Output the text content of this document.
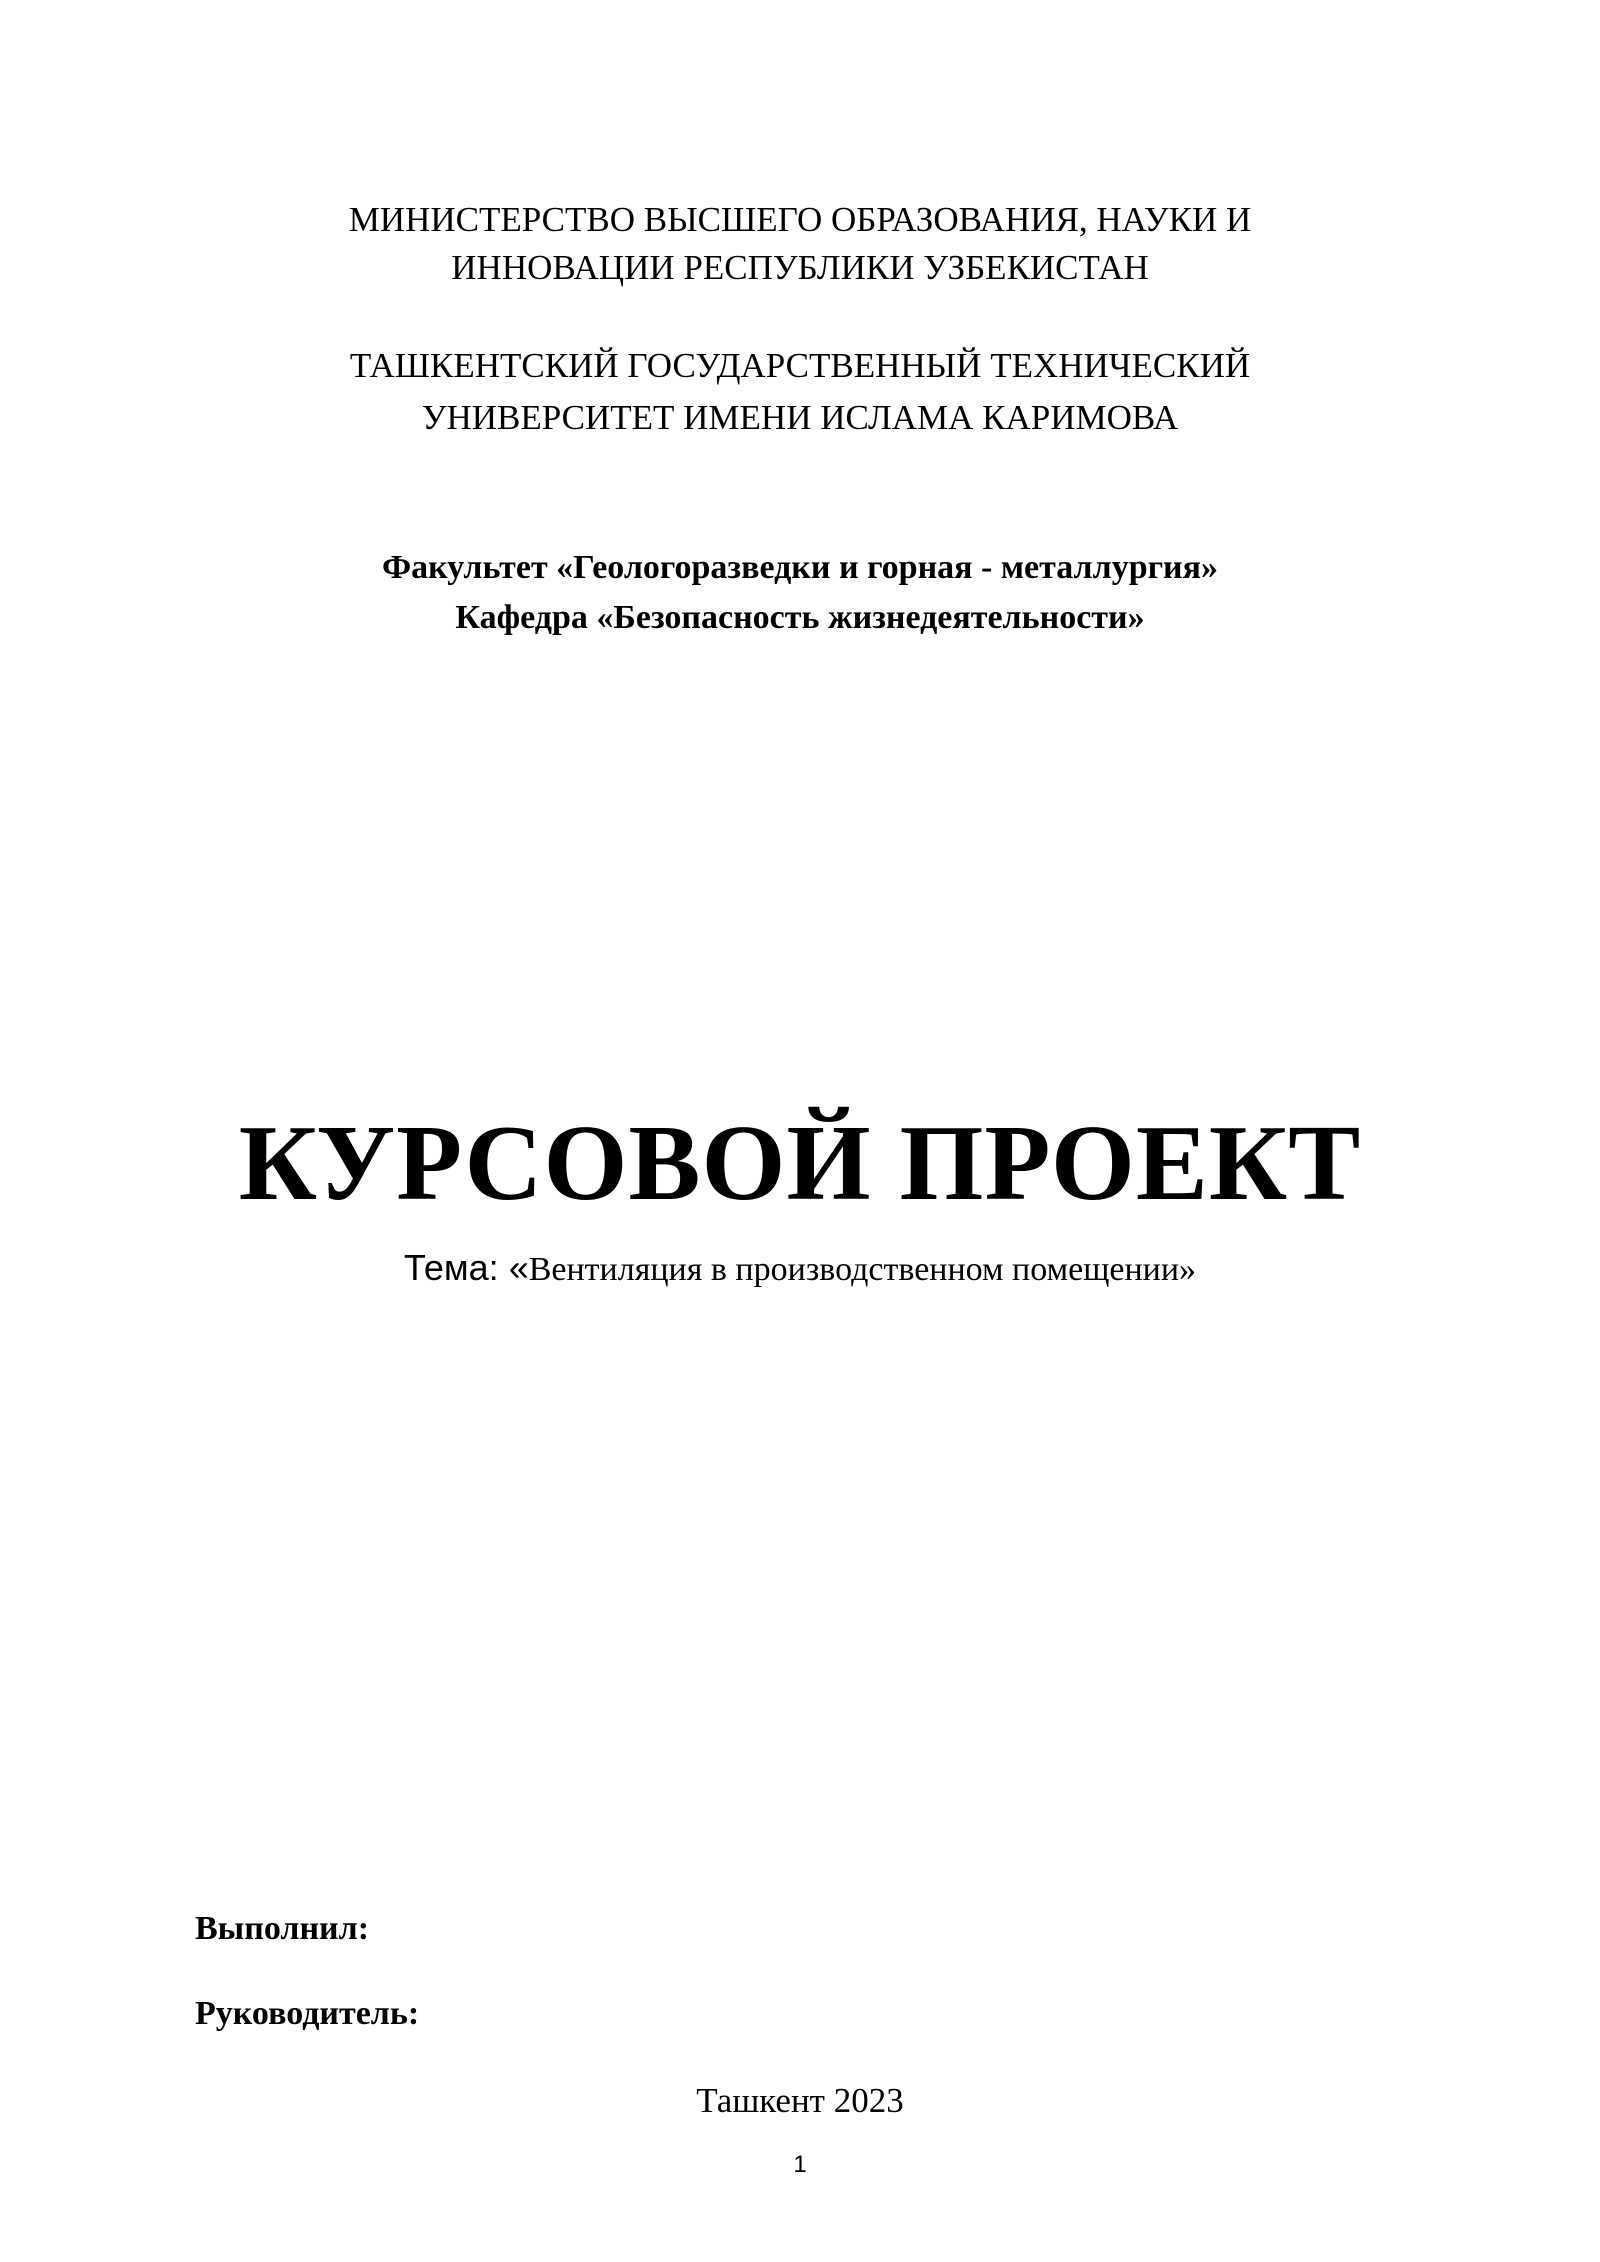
МИНИСТЕРСТВО ВЫСШЕГО ОБРАЗОВАНИЯ, НАУКИ И
ИННОВАЦИИ РЕСПУБЛИКИ УЗБЕКИСТАН
ТАШКЕНТСКИЙ ГОСУДАРСТВЕННЫЙ ТЕХНИЧЕСКИЙ
УНИВЕРСИТЕТ ИМЕНИ ИСЛАМА КАРИМОВА
Факультет «Геологоразведки и горная - металлургия»
Кафедра «Безопасность жизнедеятельности»
КУРСОВОЙ ПРОЕКТ
Тема: «Вентиляция в производственном помещении»
Выполнил:
Руководитель:
Ташкент 2023
1
